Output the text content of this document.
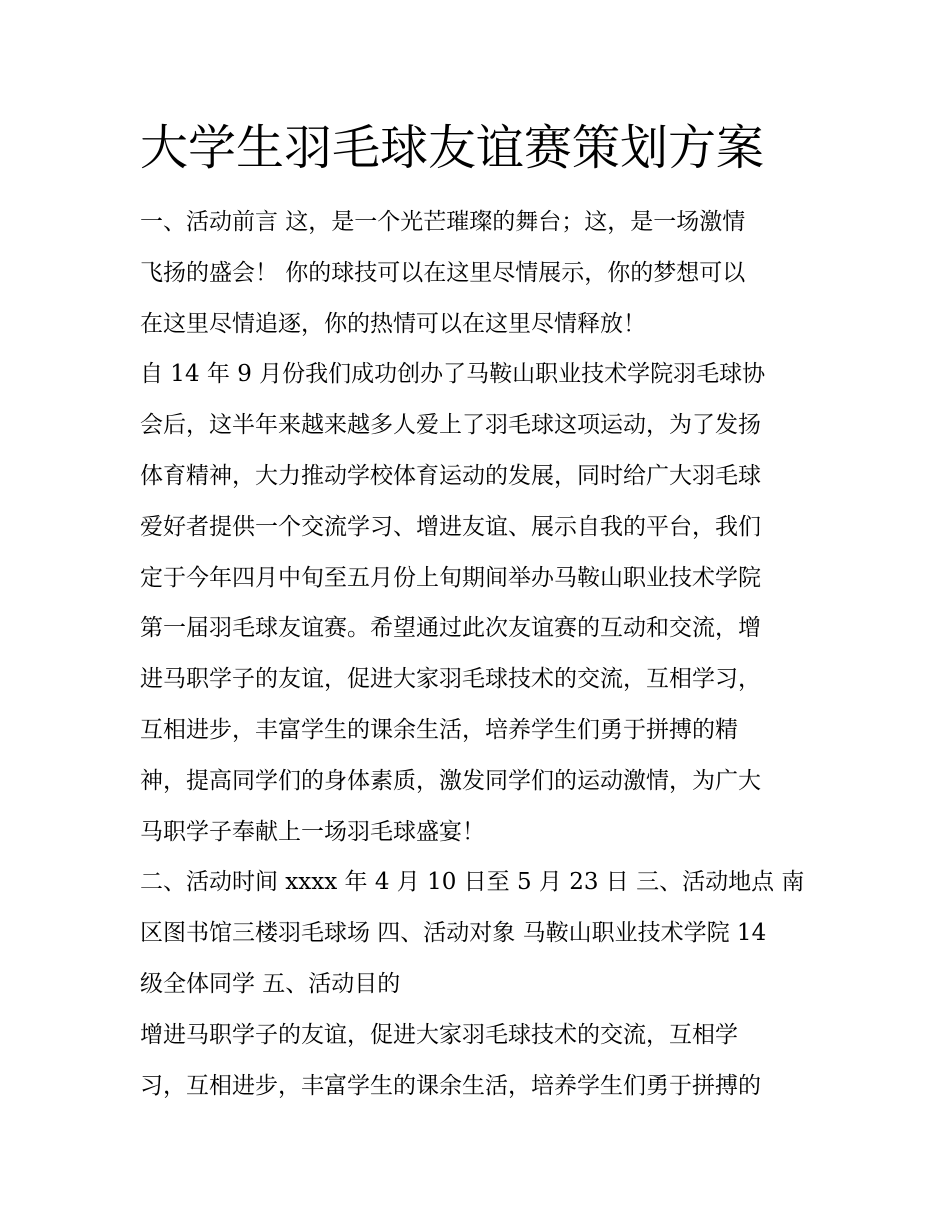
大学生羽毛球友谊赛策划方案

一、活动前言 这，是一个光芒璀璨的舞台；这，是一场激情
飞扬的盛会！ 你的球技可以在这里尽情展示，你的梦想可以
在这里尽情追逐，你的热情可以在这里尽情释放！

自 14 年 9 月份我们成功创办了马鞍山职业技术学院羽毛球协
会后，这半年来越来越多人爱上了羽毛球这项运动，为了发扬
体育精神，大力推动学校体育运动的发展，同时给广大羽毛球
爱好者提供一个交流学习、增进友谊、展示自我的平台，我们
定于今年四月中旬至五月份上旬期间举办马鞍山职业技术学院
第一届羽毛球友谊赛。希望通过此次友谊赛的互动和交流，增
进马职学子的友谊，促进大家羽毛球技术的交流，互相学习，
互相进步，丰富学生的课余生活，培养学生们勇于拼搏的精
神，提高同学们的身体素质，激发同学们的运动激情，为广大
马职学子奉献上一场羽毛球盛宴！

二、活动时间 xxxx 年 4 月 10 日至 5 月 23 日 三、活动地点 南
区图书馆三楼羽毛球场 四、活动对象 马鞍山职业技术学院 14
级全体同学 五、活动目的

增进马职学子的友谊，促进大家羽毛球技术的交流，互相学
习，互相进步，丰富学生的课余生活，培养学生们勇于拼搏的
